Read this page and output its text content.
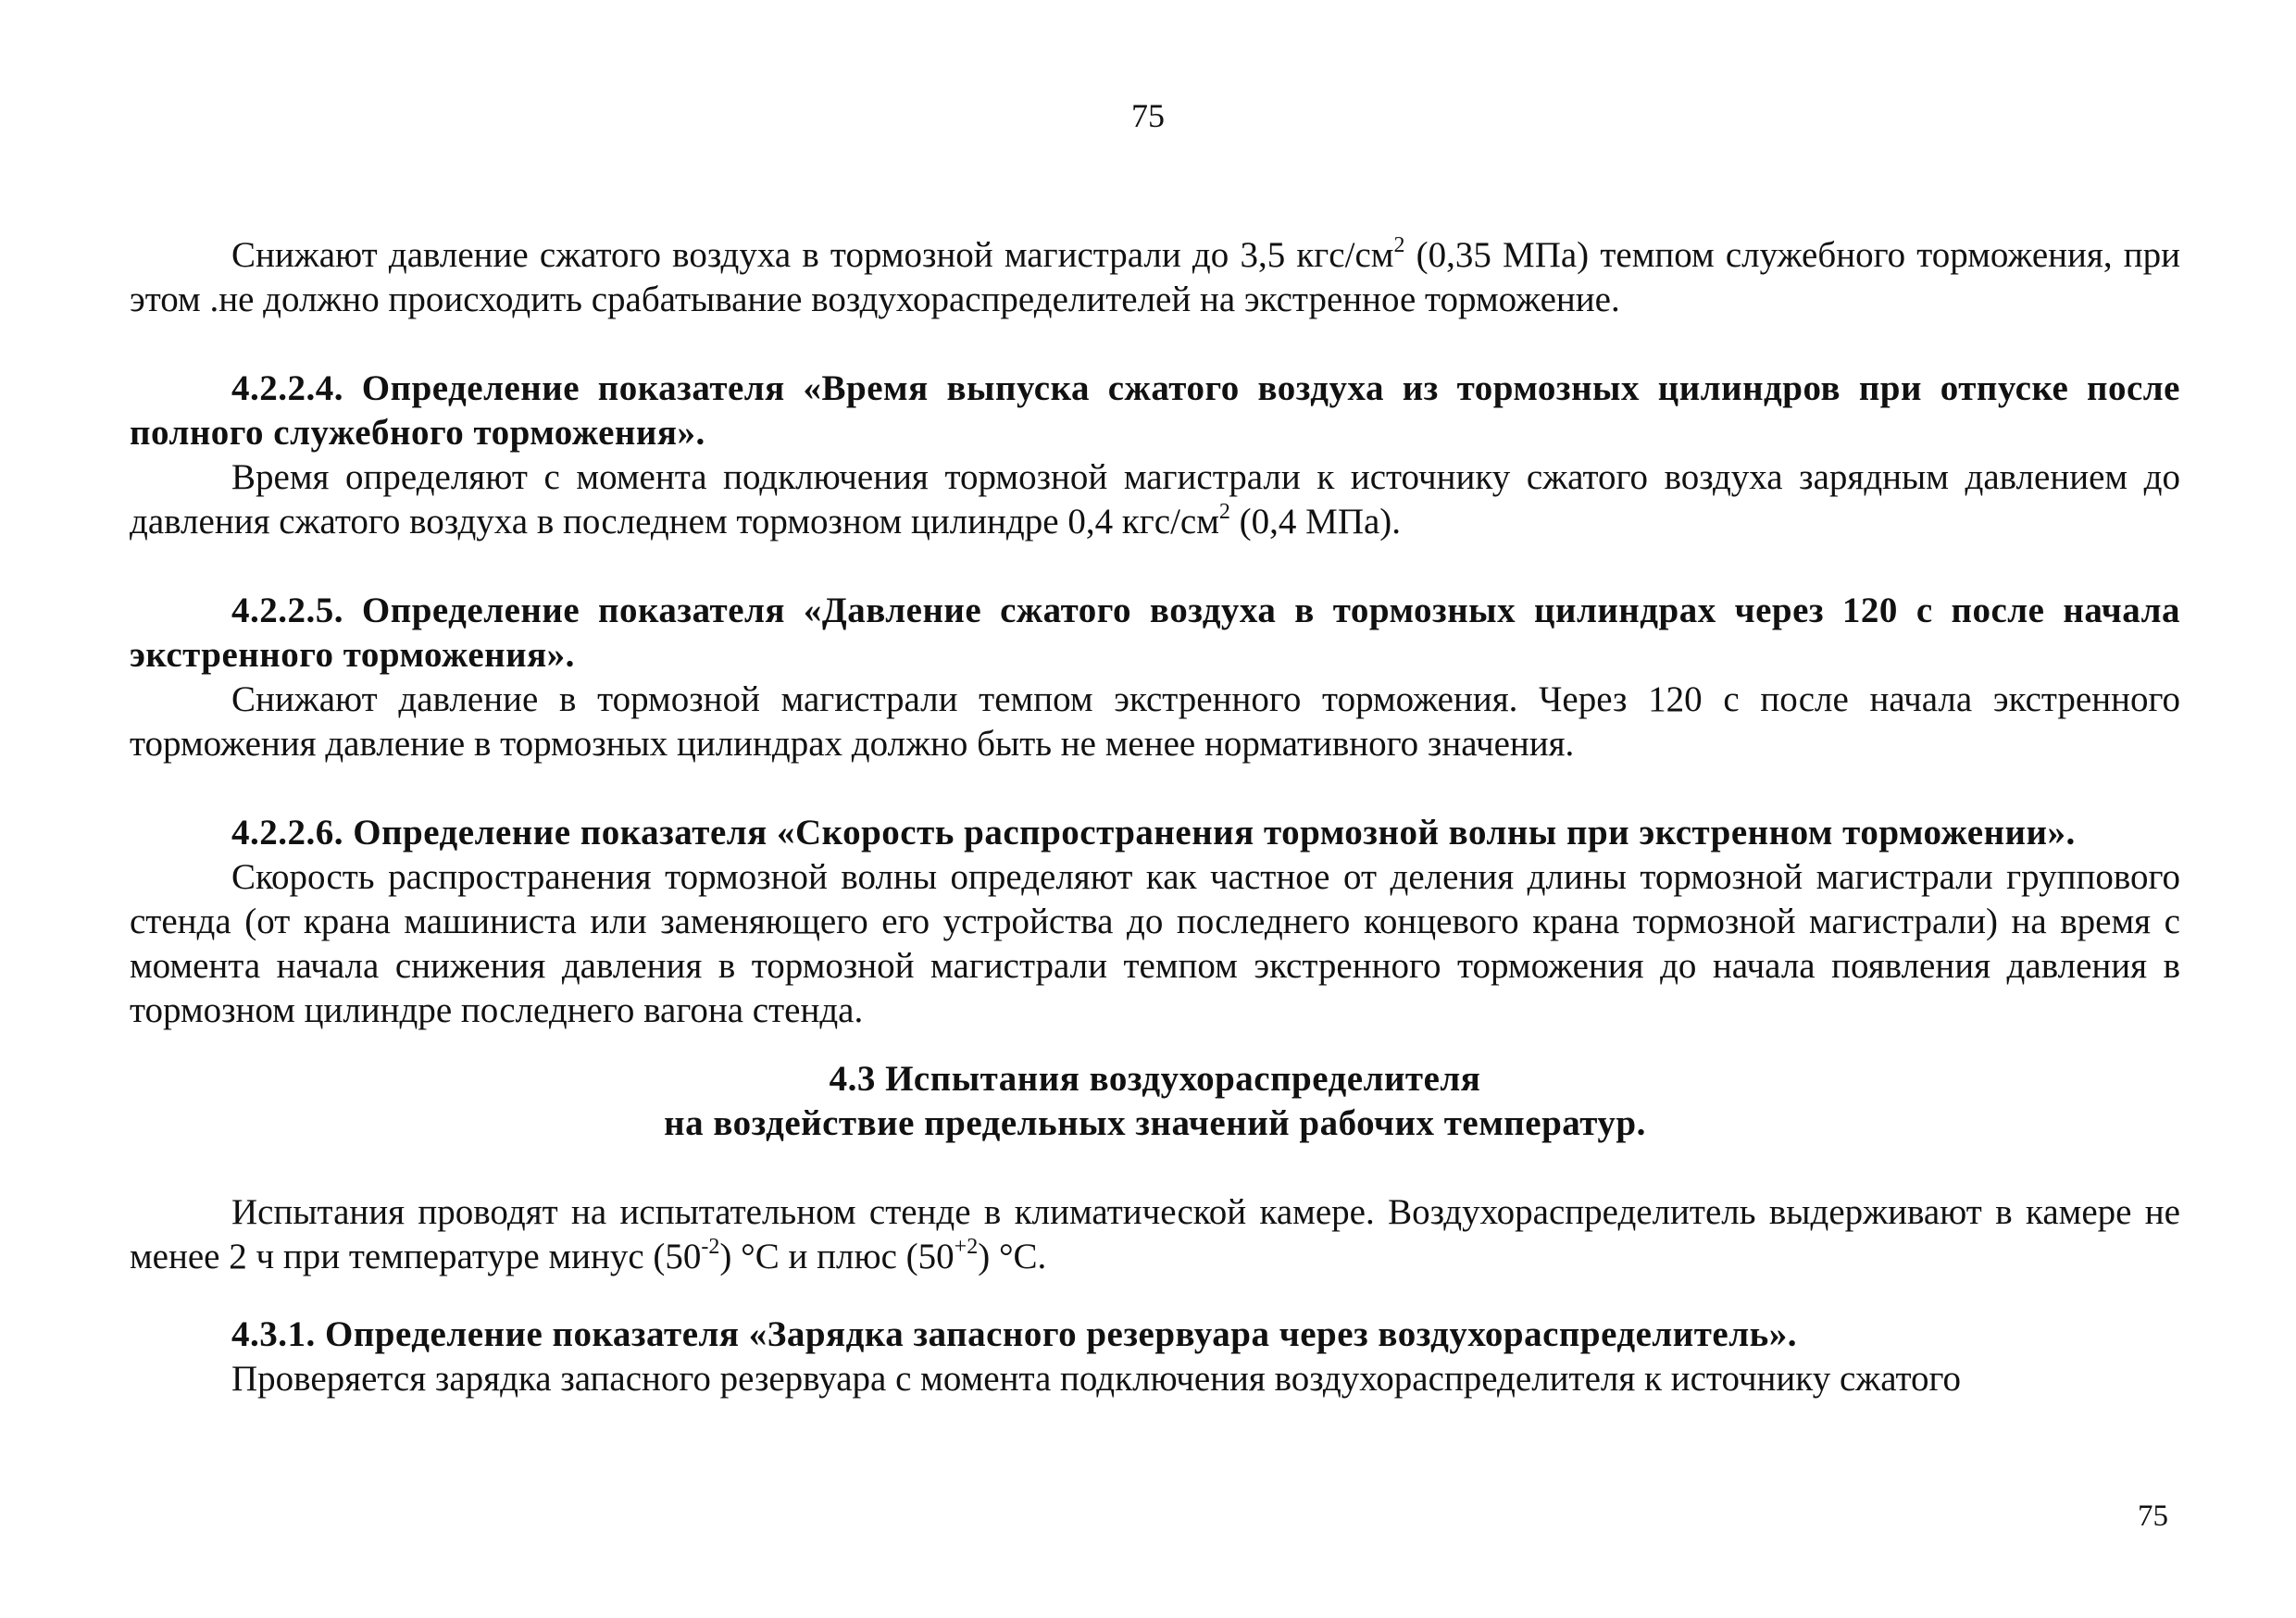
75

Снижают давление сжатого воздуха в тормозной магистрали до 3,5 кгс/$см^2$ (0,35 МПа) темпом служебного торможения, при этом .не должно происходить срабатывание воздухораспределителей на экстренное торможение.

4.2.2.4. Определение показателя «Время выпуска сжатого воздуха из тормозных цилиндров при отпуске после полного служебного торможения».

Время определяют с момента подключения тормозной магистрали к источнику сжатого воздуха зарядным давлением до давления сжатого воздуха в последнем тормозном цилиндре 0,4 кгс/$см^2$ (0,4 МПа).

4.2.2.5. Определение показателя «Давление сжатого воздуха в тормозных цилиндрах через 120 с после начала экстренного торможения».

Снижают давление в тормозной магистрали темпом экстренного торможения. Через 120 с после начала экстренного торможения давление в тормозных цилиндрах должно быть не менее нормативного значения.

4.2.2.6. Определение показателя «Скорость распространения тормозной волны при экстренном торможении».

Скорость распространения тормозной волны определяют как частное от деления длины тормозной магистрали группового стенда (от крана машиниста или заменяющего его устройства до последнего концевого крана тормозной магистрали) на время с момента начала снижения давления в тормозной магистрали темпом экстренного торможения до начала появления давления в тормозном цилиндре последнего вагона стенда.

4.3 Испытания воздухораспределителя

на воздействие предельных значений рабочих температур.

Испытания проводят на испытательном стенде в климатической камере. Воздухораспределитель выдерживают в камере не менее 2 ч при температуре минус $(50^{-2})$ °С и плюс $(50^{+2})$ °С.

4.3.1. Определение показателя «Зарядка запасного резервуара через воздухораспределитель».

Проверяется зарядка запасного резервуара с момента подключения воздухораспределителя к источнику сжатого

75
